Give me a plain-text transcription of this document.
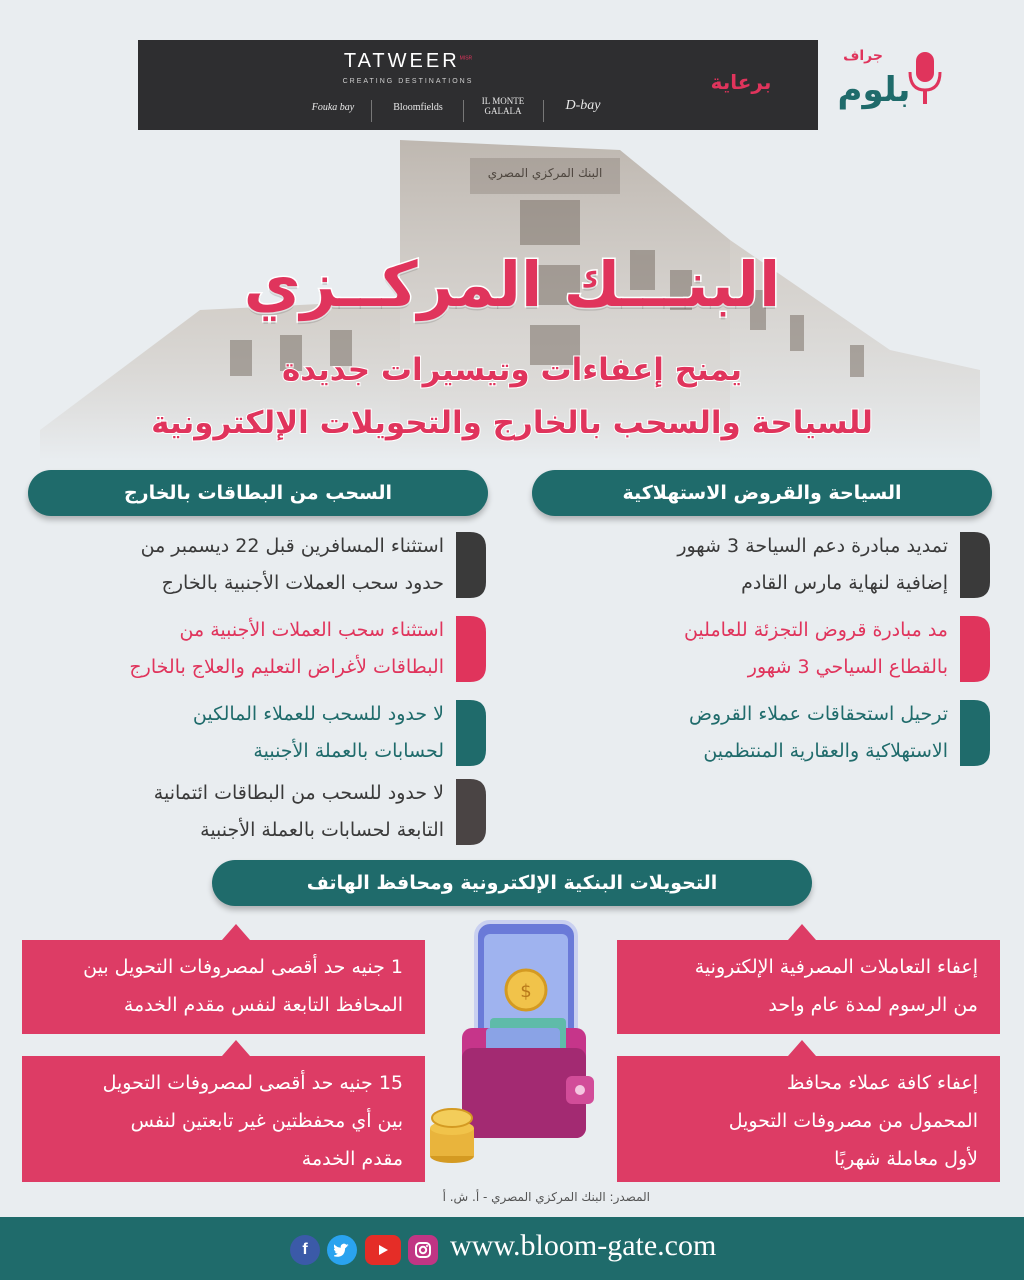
$TATWEER^{MISR}$
CREATING DESTINATIONS
Fouka bay	Bloomfields
IL MONTE GALALA	D-bay
برعاية
جراف
بلوم
البنك المركزي المصري
البنـــك المركــزي
يمنح إعفاءات وتيسيرات جديدة
للسياحة والسحب بالخارج والتحويلات الإلكترونية
السياحة والقروض الاستهلاكية
السحب من البطاقات بالخارج
تمديد مبادرة دعم السياحة 3 شهور
إضافية لنهاية مارس القادم
مد مبادرة قروض التجزئة للعاملين
بالقطاع السياحي 3 شهور
ترحيل استحقاقات عملاء القروض
الاستهلاكية والعقارية المنتظمين
استثناء المسافرين قبل 22 ديسمبر من
حدود سحب العملات الأجنبية بالخارج
استثناء سحب العملات الأجنبية من
البطاقات لأغراض التعليم والعلاج بالخارج
لا حدود للسحب للعملاء المالكين
لحسابات بالعملة الأجنبية
لا حدود للسحب من البطاقات ائتمانية
التابعة لحسابات بالعملة الأجنبية
التحويلات البنكية الإلكترونية ومحافظ الهاتف
$
إعفاء التعاملات المصرفية الإلكترونية
من الرسوم لمدة عام واحد
إعفاء كافة عملاء محافظ
المحمول من مصروفات التحويل
لأول معاملة شهريًا
1 جنيه حد أقصى لمصروفات التحويل بين
المحافظ التابعة لنفس مقدم الخدمة
15 جنيه حد أقصى لمصروفات التحويل
بين أي محفظتين غير تابعتين لنفس
مقدم الخدمة
المصدر: البنك المركزي المصري - أ. ش. أ
www.bloom-gate.com
f
